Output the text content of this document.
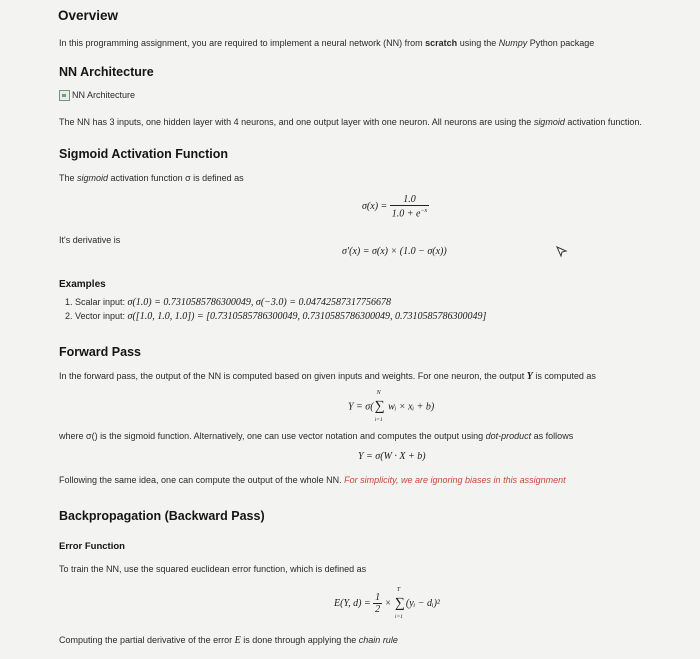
Overview
In this programming assignment, you are required to implement a neural network (NN) from scratch using the Numpy Python package
NN Architecture
NN Architecture
The NN has 3 inputs, one hidden layer with 4 neurons, and one output layer with one neuron. All neurons are using the sigmoid activation function.
Sigmoid Activation Function
The sigmoid activation function σ is defined as
$\sigma(x) = \frac{1.0}{1.0 + e^{-x}}$
It's derivative is
σ′(x) = σ(x) × (1.0 − σ(x))
Examples
1. Scalar input: σ(1.0) = 0.7310585786300049, σ(−3.0) = 0.04742587317756678
2. Vector input: σ([1.0, 1.0, 1.0]) = [0.7310585786300049, 0.7310585786300049, 0.7310585786300049]
Forward Pass
In the forward pass, the output of the NN is computed based on given inputs and weights. For one neuron, the output Y is computed as
Y = σ(∑
N
i=1
wᵢ × xᵢ + b)
where σ() is the sigmoid function. Alternatively, one can use vector notation and computes the output using dot-product as follows
Y = σ(W · X + b)
Following the same idea, one can compute the output of the whole NN. For simplicity, we are ignoring biases in this assignment
Backpropagation (Backward Pass)
Error Function
To train the NN, use the squared euclidean error function, which is defined as
E(Y, $d) = \frac{1}{2}$ × ∑
T
i=1
(yᵢ − dᵢ)²
Computing the partial derivative of the error E is done through applying the chain rule
